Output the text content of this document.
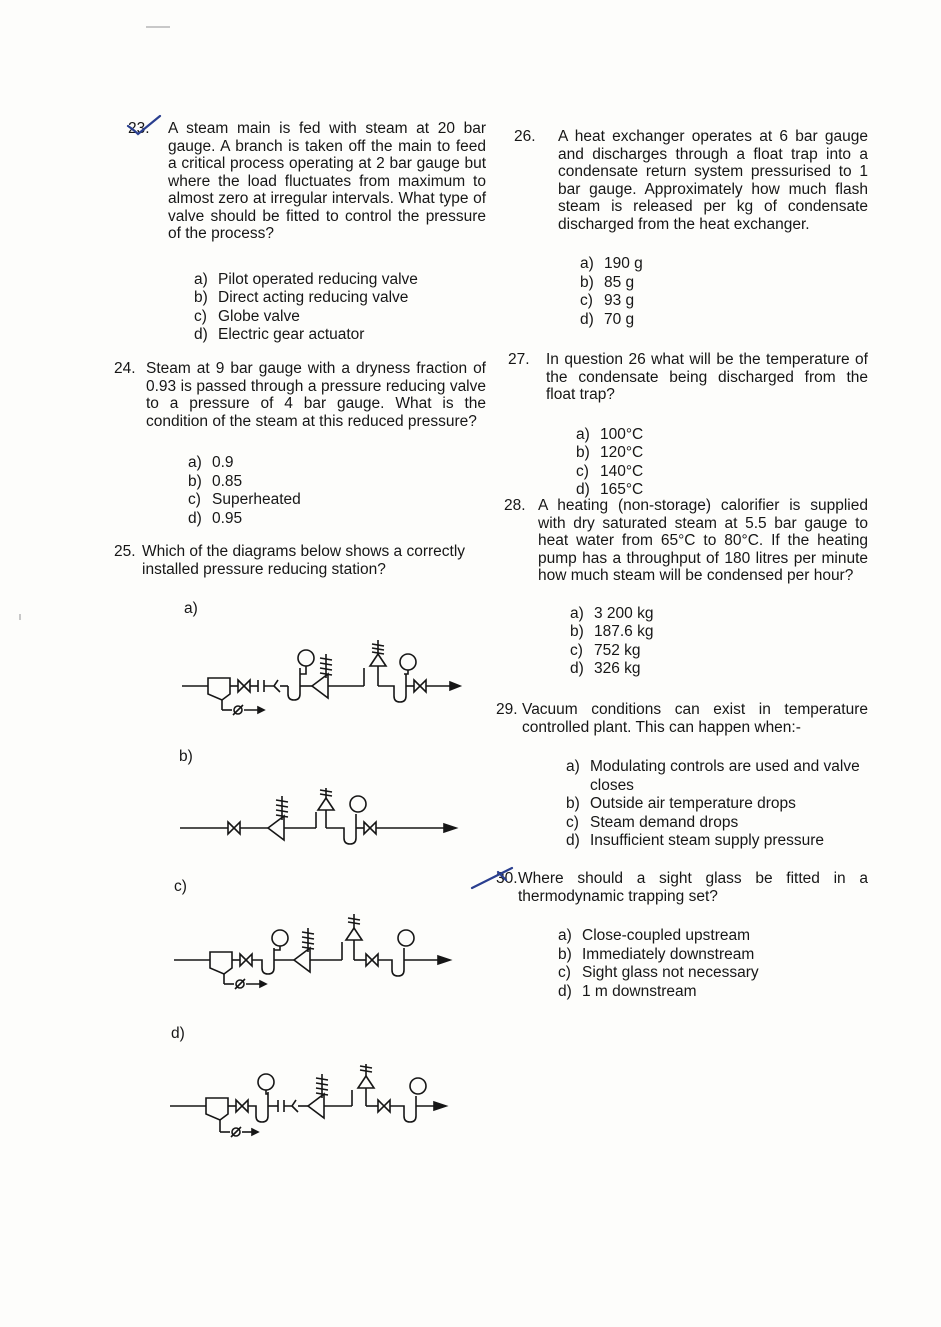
23.	A steam main is fed with steam at 20 bar gauge. A branch is taken off the main to feed a critical process operating at 2 bar gauge but where the load fluctuates from maximum to almost zero at irregular intervals. What type of valve should be fitted to control the pressure of the process?
a) Pilot operated reducing valve
b) Direct acting reducing valve
c) Globe valve
d) Electric gear actuator
24. Steam at 9 bar gauge with a dryness fraction of 0.93 is passed through a pressure reducing valve to a pressure of 4 bar gauge. What is the condition of the steam at this reduced pressure?
a) 0.9
b) 0.85
c) Superheated
d) 0.95
25. Which of the diagrams below shows a correctly installed pressure reducing station?
a)
b)
c)
d)
26.	A heat exchanger operates at 6 bar gauge and discharges through a float trap into a condensate return system pressurised to 1 bar gauge. Approximately how much flash steam is released per kg of condensate discharged from the heat exchanger.
a) 190 g
b) 85 g
c) 93 g
d) 70 g
27.	In question 26 what will be the temperature of the condensate being discharged from the float trap?
a) 100°C
b) 120°C
c) 140°C
d) 165°C
28. A heating (non-storage) calorifier is supplied with dry saturated steam at 5.5 bar gauge to heat water from 65°C to 80°C. If the heating pump has a throughput of 180 litres per minute how much steam will be condensed per hour?
a) 3 200 kg
b) 187.6 kg
c) 752 kg
d) 326 kg
29. Vacuum conditions can exist in temperature controlled plant. This can happen when:-
a) Modulating controls are used and valve closes
b) Outside air temperature drops
c) Steam demand drops
d) Insufficient steam supply pressure
30. Where should a sight glass be fitted in a thermodynamic trapping set?
a) Close-coupled upstream
b) Immediately downstream
c) Sight glass not necessary
d) 1 m downstream
